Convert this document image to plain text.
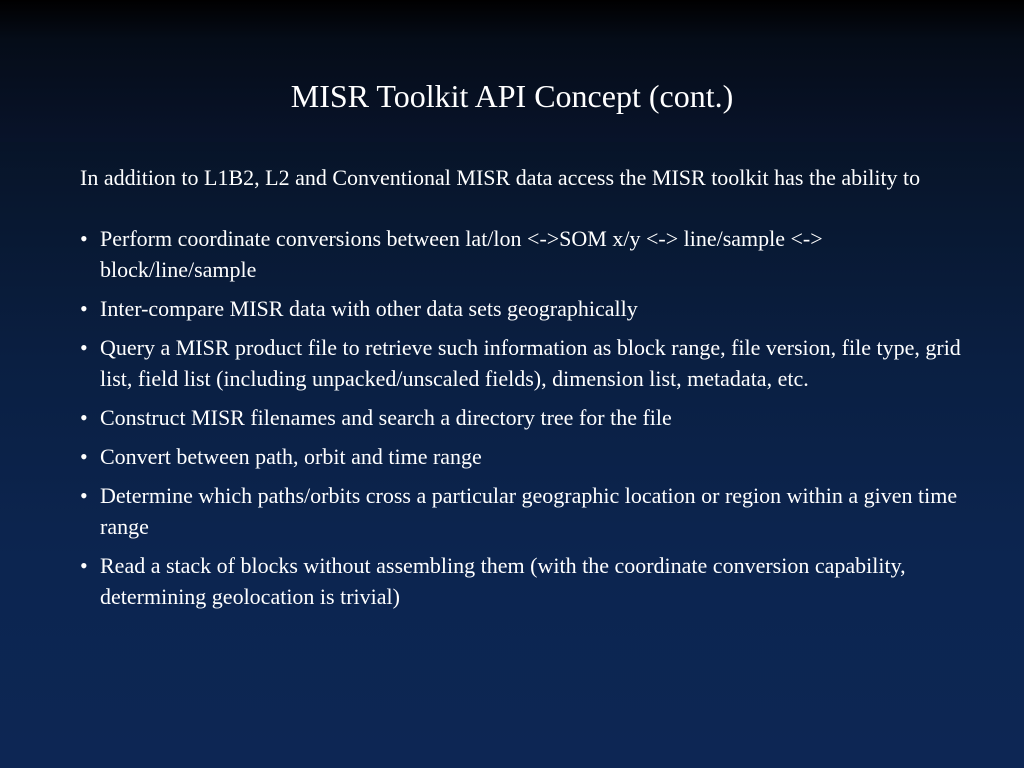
MISR Toolkit API Concept (cont.)

In addition to L1B2, L2 and Conventional MISR data access the MISR toolkit has the ability to

• Perform coordinate conversions between lat/lon <->SOM x/y <-> line/sample <-> block/line/sample
• Inter-compare MISR data with other data sets geographically
• Query a MISR product file to retrieve such information as block range, file version, file type, grid list, field list (including unpacked/unscaled fields), dimension list, metadata, etc.
• Construct MISR filenames and search a directory tree for the file
• Convert between path, orbit and time range
• Determine which paths/orbits cross a particular geographic location or region within a given time range
• Read a stack of blocks without assembling them (with the coordinate conversion capability, determining geolocation is trivial)
